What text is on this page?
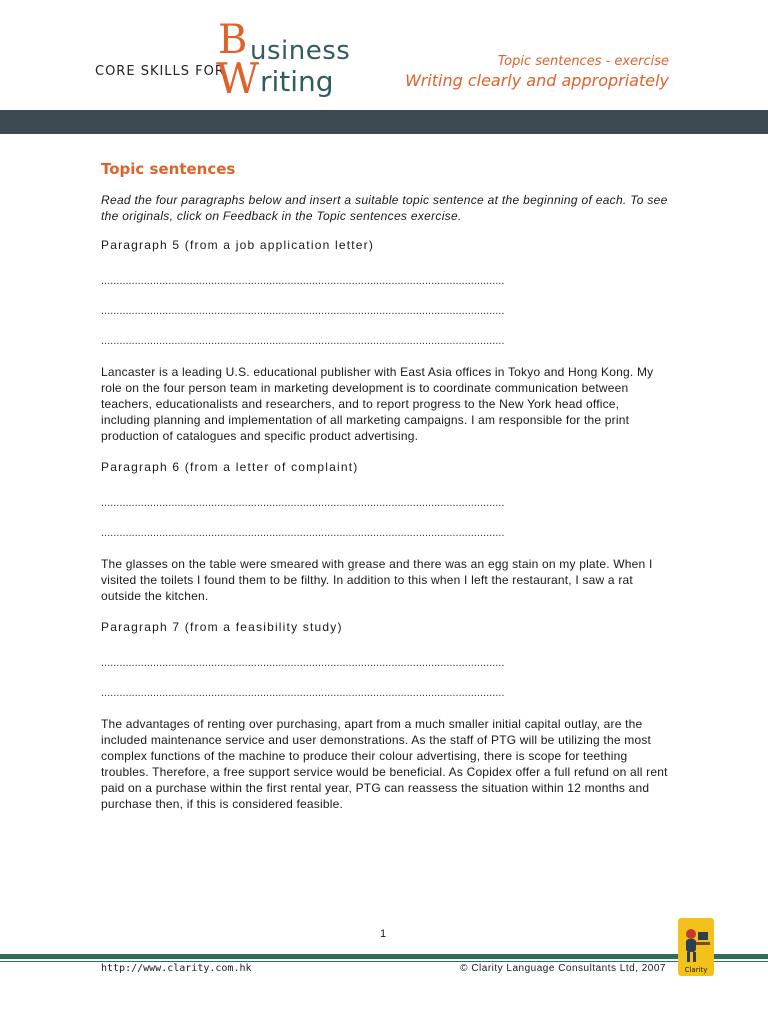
CORE SKILLS FOR
B usiness
W riting
Topic sentences - exercise
Writing clearly and appropriately
Topic sentences

Read the four paragraphs below and insert a suitable topic sentence at the beginning of each. To see the originals, click on Feedback in the Topic sentences exercise.

Paragraph 5 (from a job application letter)

....................................................................................................................................
....................................................................................................................................
....................................................................................................................................

Lancaster is a leading U.S. educational publisher with East Asia offices in Tokyo and Hong Kong. My role on the four person team in marketing development is to coordinate communication between teachers, educationalists and researchers, and to report progress to the New York head office, including planning and implementation of all marketing campaigns. I am responsible for the print production of catalogues and specific product advertising.

Paragraph 6 (from a letter of complaint)

....................................................................................................................................
....................................................................................................................................

The glasses on the table were smeared with grease and there was an egg stain on my plate. When I visited the toilets I found them to be filthy. In addition to this when I left the restaurant, I saw a rat outside the kitchen.

Paragraph 7 (from a feasibility study)

....................................................................................................................................
....................................................................................................................................

The advantages of renting over purchasing, apart from a much smaller initial capital outlay, are the included maintenance service and user demonstrations. As the staff of PTG will be utilizing the most complex functions of the machine to produce their colour advertising, there is scope for teething troubles. Therefore, a free support service would be beneficial. As Copidex offer a full refund on all rent paid on a purchase within the first rental year, PTG can reassess the situation within 12 months and purchase then, if this is considered feasible.

1
http://www.clarity.com.hk	© Clarity Language Consultants Ltd, 2007	Clarity
